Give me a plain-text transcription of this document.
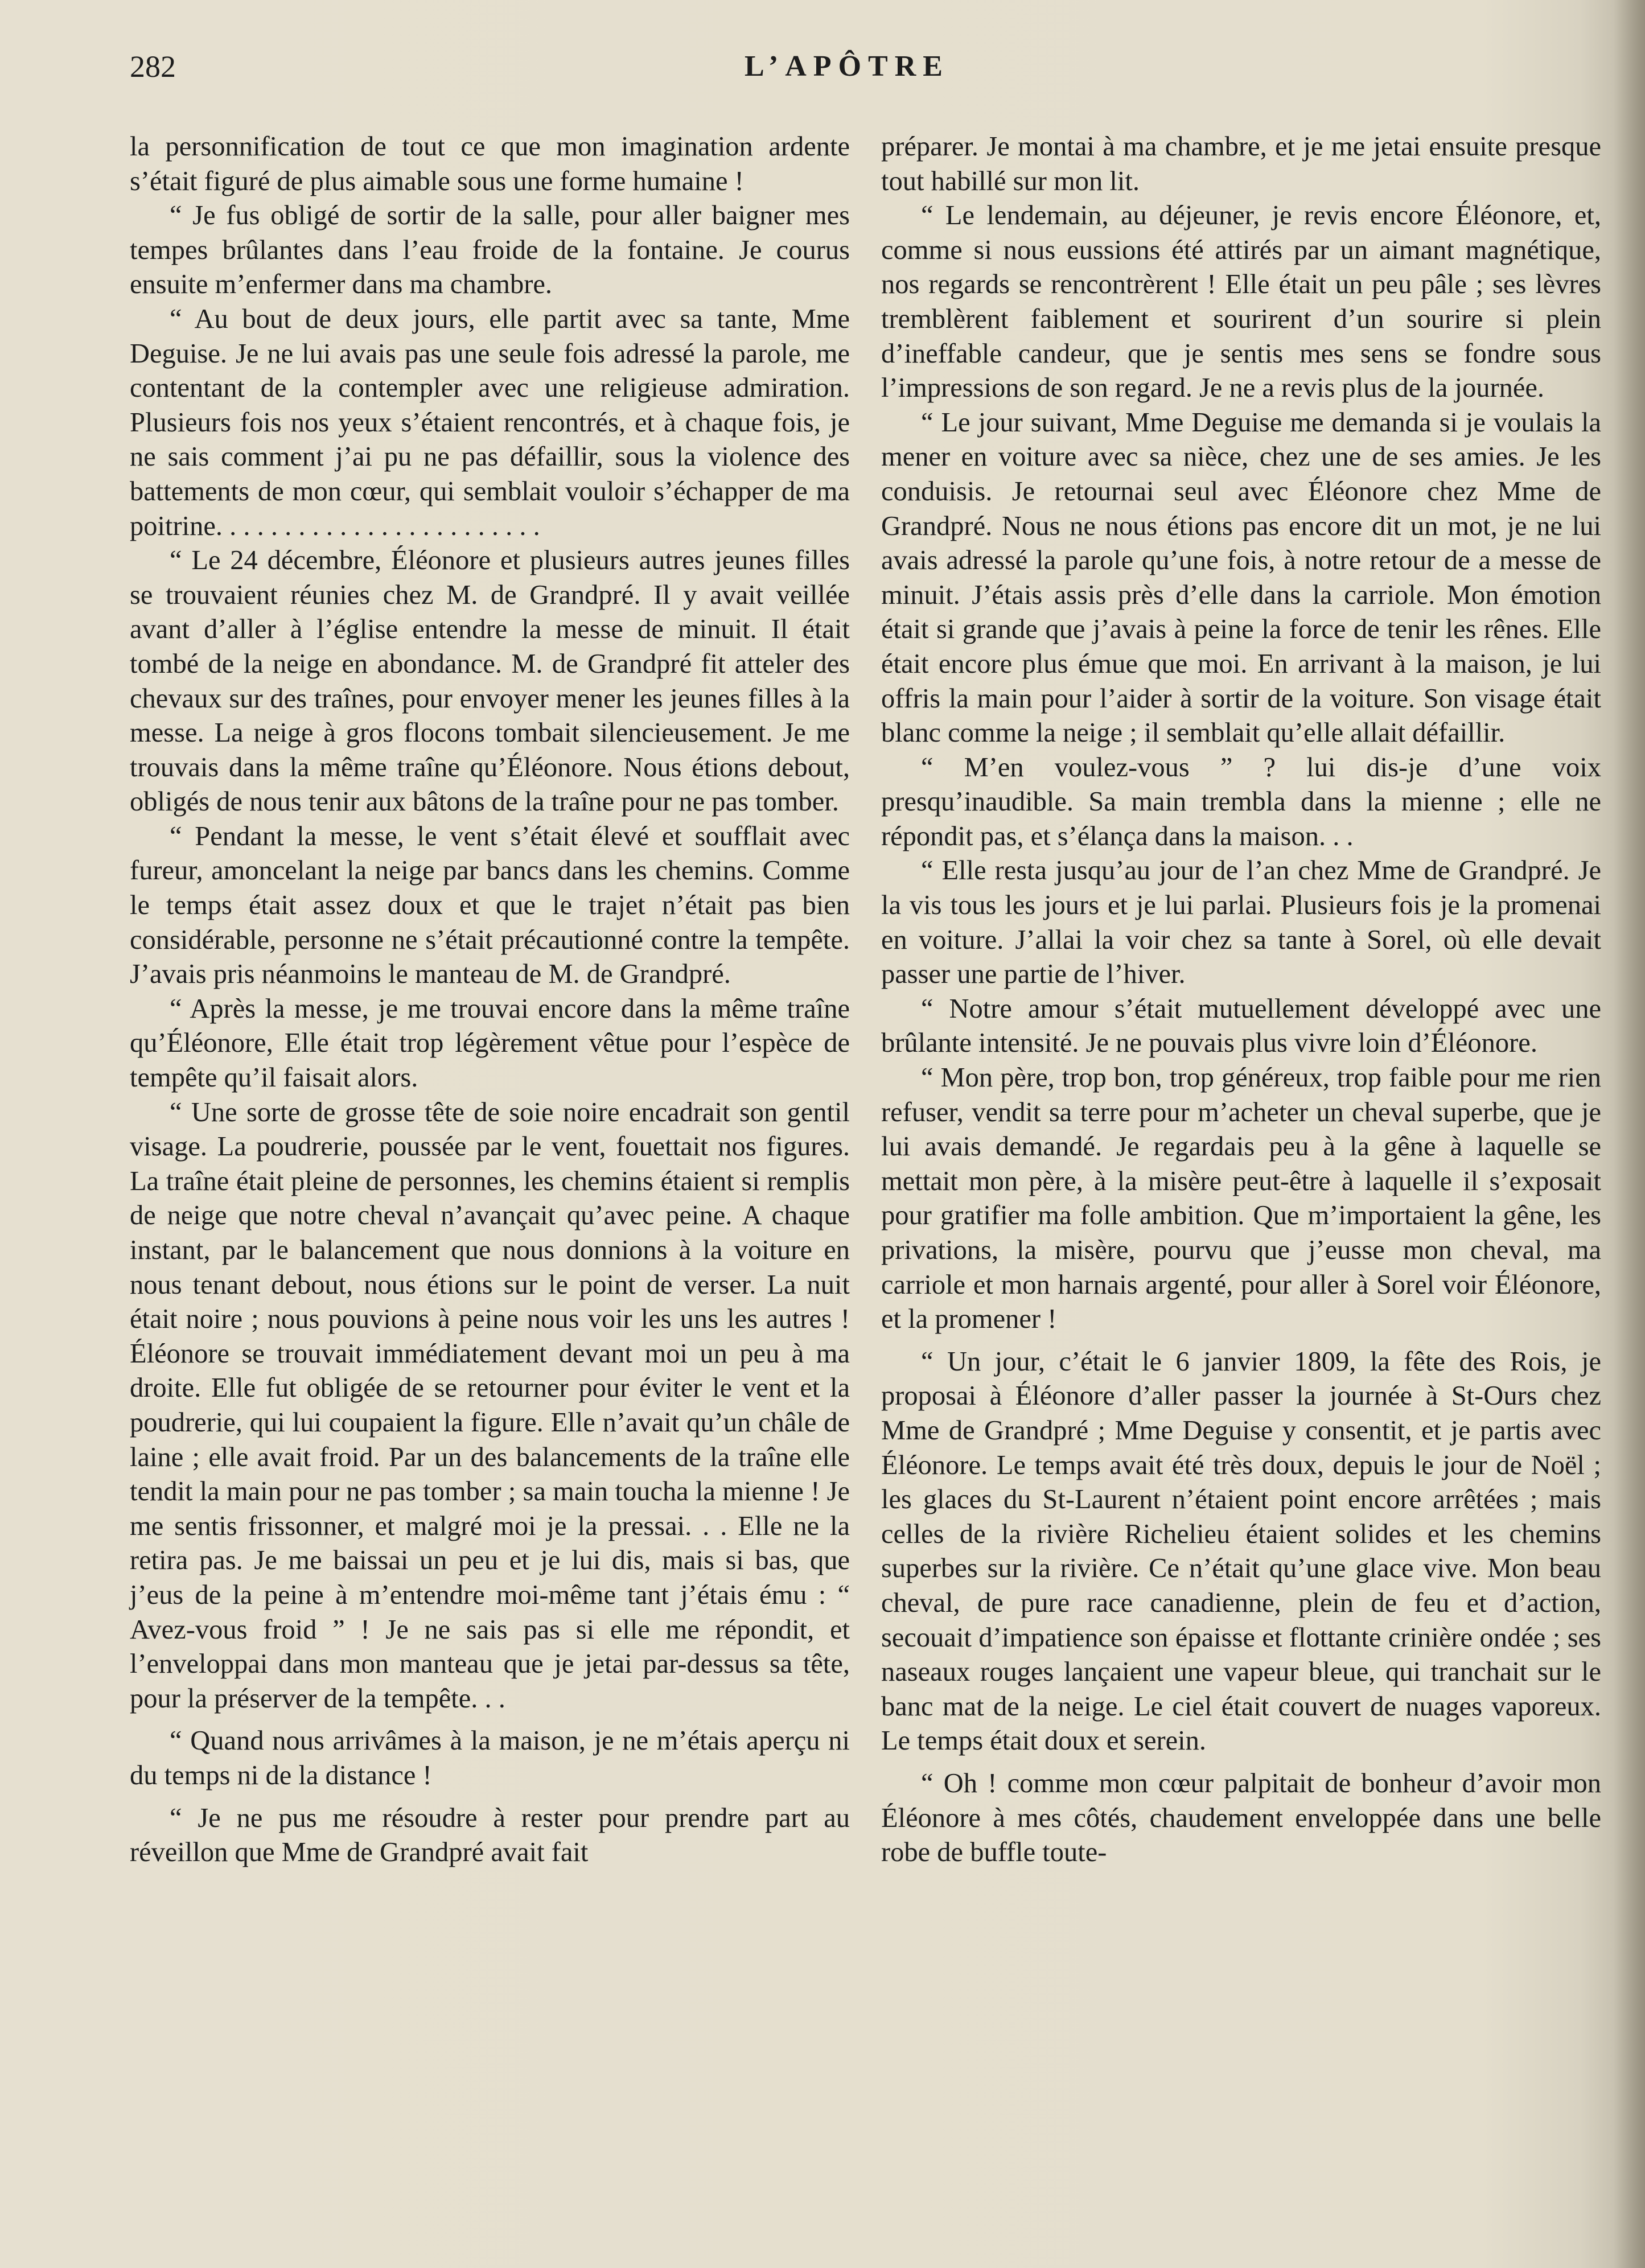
282	L’APÔTRE

la personnification de tout ce que mon imagination ardente s’était figuré de plus aimable sous une forme humaine !

“ Je fus obligé de sortir de la salle, pour aller baigner mes tempes brûlantes dans l’eau froide de la fontaine. Je courus ensuite m’enfermer dans ma chambre.

“ Au bout de deux jours, elle partit avec sa tante, Mme Deguise. Je ne lui avais pas une seule fois adressé la parole, me contentant de la contempler avec une religieuse admiration. Plusieurs fois nos yeux s’étaient rencontrés, et à chaque fois, je ne sais comment j’ai pu ne pas défaillir, sous la violence des battements de mon cœur, qui semblait vouloir s’échapper de ma poitrine. . . . . . . . . . . . . . . . . . . . . . . .

“ Le 24 décembre, Éléonore et plusieurs autres jeunes filles se trouvaient réunies chez M. de Grandpré. Il y avait veillée avant d’aller à l’église entendre la messe de minuit. Il était tombé de la neige en abondance. M. de Grandpré fit atteler des chevaux sur des traînes, pour envoyer mener les jeunes filles à la messe. La neige à gros flocons tombait silencieusement. Je me trouvais dans la même traîne qu’Éléonore. Nous étions debout, obligés de nous tenir aux bâtons de la traîne pour ne pas tomber.

“ Pendant la messe, le vent s’était élevé et soufflait avec fureur, amoncelant la neige par bancs dans les chemins. Comme le temps était assez doux et que le trajet n’était pas bien considérable, personne ne s’était précautionné contre la tempête. J’avais pris néanmoins le manteau de M. de Grandpré.

“ Après la messe, je me trouvai encore dans la même traîne qu’Éléonore, Elle était trop légèrement vêtue pour l’espèce de tempête qu’il faisait alors.

“ Une sorte de grosse tête de soie noire encadrait son gentil visage. La poudrerie, poussée par le vent, fouettait nos figures. La traîne était pleine de personnes, les chemins étaient si remplis de neige que notre cheval n’avançait qu’avec peine. A chaque instant, par le balancement que nous donnions à la voiture en nous tenant debout, nous étions sur le point de verser. La nuit était noire ; nous pouvions à peine nous voir les uns les autres ! Éléonore se trouvait immédiatement devant moi un peu à ma droite. Elle fut obligée de se retourner pour éviter le vent et la poudrerie, qui lui coupaient la figure. Elle n’avait qu’un châle de laine ; elle avait froid. Par un des balancements de la traîne elle tendit la main pour ne pas tomber ; sa main toucha la mienne ! Je me sentis frissonner, et malgré moi je la pressai. . . Elle ne la retira pas. Je me baissai un peu et je lui dis, mais si bas, que j’eus de la peine à m’entendre moi-même tant j’étais ému : “ Avez-vous froid ” ! Je ne sais pas si elle me répondit, et l’enveloppai dans mon manteau que je jetai par-dessus sa tête, pour la préserver de la tempête. . .

“ Quand nous arrivâmes à la maison, je ne m’étais aperçu ni du temps ni de la distance !

“ Je ne pus me résoudre à rester pour prendre part au réveillon que Mme de Grandpré avait fait

préparer. Je montai à ma chambre, et je me jetai ensuite presque tout habillé sur mon lit.

“ Le lendemain, au déjeuner, je revis encore Éléonore, et, comme si nous eussions été attirés par un aimant magnétique, nos regards se rencontrèrent ! Elle était un peu pâle ; ses lèvres tremblèrent faiblement et sourirent d’un sourire si plein d’ineffable candeur, que je sentis mes sens se fondre sous l’impressions de son regard. Je ne a revis plus de la journée.

“ Le jour suivant, Mme Deguise me demanda si je voulais la mener en voiture avec sa nièce, chez une de ses amies. Je les conduisis. Je retournai seul avec Éléonore chez Mme de Grandpré. Nous ne nous étions pas encore dit un mot, je ne lui avais adressé la parole qu’une fois, à notre retour de a messe de minuit. J’étais assis près d’elle dans la carriole. Mon émotion était si grande que j’avais à peine la force de tenir les rênes. Elle était encore plus émue que moi. En arrivant à la maison, je lui offris la main pour l’aider à sortir de la voiture. Son visage était blanc comme la neige ; il semblait qu’elle allait défaillir.

“ M’en voulez-vous ” ? lui dis-je d’une voix presqu’inaudible. Sa main trembla dans la mienne ; elle ne répondit pas, et s’élança dans la maison. . .

“ Elle resta jusqu’au jour de l’an chez Mme de Grandpré. Je la vis tous les jours et je lui parlai. Plusieurs fois je la promenai en voiture. J’allai la voir chez sa tante à Sorel, où elle devait passer une partie de l’hiver.

“ Notre amour s’était mutuellement développé avec une brûlante intensité. Je ne pouvais plus vivre loin d’Éléonore.

“ Mon père, trop bon, trop généreux, trop faible pour me rien refuser, vendit sa terre pour m’acheter un cheval superbe, que je lui avais demandé. Je regardais peu à la gêne à laquelle se mettait mon père, à la misère peut-être à laquelle il s’exposait pour gratifier ma folle ambition. Que m’importaient la gêne, les privations, la misère, pourvu que j’eusse mon cheval, ma carriole et mon harnais argenté, pour aller à Sorel voir Éléonore, et la promener !

“ Un jour, c’était le 6 janvier 1809, la fête des Rois, je proposai à Éléonore d’aller passer la journée à St-Ours chez Mme de Grandpré ; Mme Deguise y consentit, et je partis avec Éléonore. Le temps avait été très doux, depuis le jour de Noël ; les glaces du St-Laurent n’étaient point encore arrêtées ; mais celles de la rivière Richelieu étaient solides et les chemins superbes sur la rivière. Ce n’était qu’une glace vive. Mon beau cheval, de pure race canadienne, plein de feu et d’action, secouait d’impatience son épaisse et flottante crinière ondée ; ses naseaux rouges lançaient une vapeur bleue, qui tranchait sur le banc mat de la neige. Le ciel était couvert de nuages vaporeux. Le temps était doux et serein.

“ Oh ! comme mon cœur palpitait de bonheur d’avoir mon Éléonore à mes côtés, chaudement enveloppée dans une belle robe de buffle toute-
